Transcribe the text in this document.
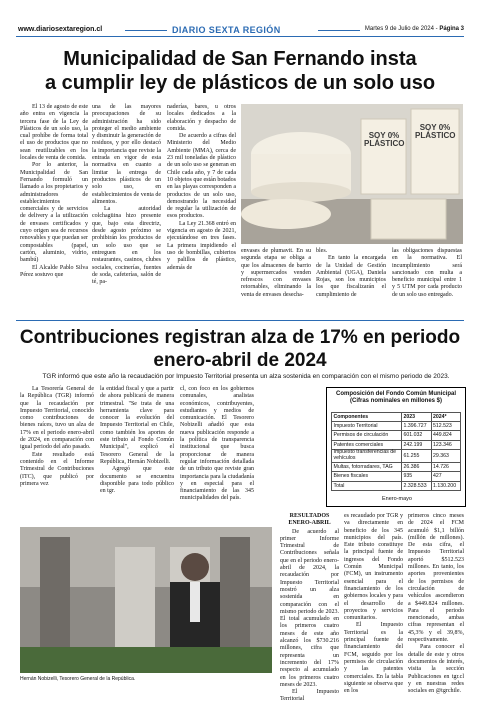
www.diariosextaregion.cl	DIARIO SEXTA REGIÓN	Martes 9 de Julio de 2024 - Página 3
Municipalidad de San Fernando insta
a cumplir ley de plásticos de un solo uso

El 13 de agosto de este año entra en vigencia la tercera fase de la Ley de Plásticos de un solo uso, la cual prohíbe de forma total el uso de productos que no sean reutilizables en los locales de venta de comida.

Por lo anterior, la Municipalidad de San Fernando formuló un llamado a los propietarios y administradores de establecimientos comerciales y de servicios de delivery a la utilización de envases certificados y cuyo origen sea de recursos renovables y que puedan ser compostables (papel, cartón, aluminio, vidrio, bambú)

El Alcalde Pablo Silva Pérez sostuvo que

una de las mayores preocupaciones de su administración ha sido proteger el medio ambiente y disminuir la generación de residuos, y por ello destacó la importancia que reviste la entrada en vigor de esta normativa en cuanto a limitar la entrega de productos plásticos de un solo uso, en establecimientos de venta de alimentos.

La autoridad colchagüina hizo presente que, bajo esta directriz, desde agosto próximo se prohibirán los productos de un solo uso que se entreguen en los restaurantes, casinos, clubes sociales, cocinerías, fuentes de soda, cafeterías, salón de té, pa-

naderías, bares, u otros locales dedicados a la elaboración y despacho de comida.

De acuerdo a cifras del Ministerio del Medio Ambiente (MMA), cerca de 23 mil toneladas de plástico de un solo uso se generan en Chile cada año, y 7 de cada 10 objetos que están botados en las playas corresponden a productos de un solo uso, demostrando la necesidad de regular la utilización de esos productos.

La Ley 21.368 entró en vigencia en agosto de 2021, ejecutándose en tres fases. La primera impidiendo el uso de bombillas, cubiertos y palillos de plástico, además de

SOY 0% PLÁSTICO
SOY 0% PLÁSTICO

envases de plumavit. En su segunda etapa se obliga a que los almacenes de barrio y supermercados venden refrescos con envases retornables, eliminando la venta de envases desecha-

bles.

En tanto la encargada de la Unidad de Gestión Ambiental (UGA), Daniela Rojas, son los municipios los que fiscalizarán el cumplimiento de

las obligaciones dispuestas en la normativa. El incumplimiento será sancionado con multa a beneficio municipal entre 1 y 5 UTM por cada producto de un solo uso entregado.

Contribuciones registran alza de 17% en periodo
enero-abril de 2024
TGR informó que este año la recaudación por Impuesto Territorial presenta un alza sostenida en comparación con el mismo periodo de 2023.

La Tesorería General de la República (TGR) informó que la recaudación por Impuesto Territorial, conocido como contribuciones de bienes raíces, tuvo un alza de 17% en el periodo enero-abril de 2024, en comparación con igual periodo del año pasado.

Este resultado está contenido en el Informe Trimestral de Contribuciones (ITC), que publicó por primera vez

la entidad fiscal y que a partir de ahora publicará de manera trimestral. "Se trata de una herramienta clave para conocer la evolución del Impuesto Territorial en Chile, como también los aportes de este tributo al Fondo Común Municipal", explicó el Tesorero General de la República, Hernán Nobizelli.

Agregó que este documento se encuentra disponible para todo público en tgr.

cl, con foco en los gobiernos comunales, analistas económicos, contribuyentes, estudiantes y medios de comunicación. El Tesorero Nobizelli añadió que esta nueva publicación responde a la política de transparencia institucional que busca proporcionar de manera regular información detallada de un tributo que reviste gran importancia para la ciudadanía y en especial para el financiamiento de las 345 municipalidades del país.

Composición del Fondo Común Municipal
(Cifras nominales en millones $)
Componentes	2023	2024*
Impuesto Territorial	1.396.727	512.523
Permisos de circulación	601.032	449.824
Patentes comerciales	242.199	123.346
Impuesto transferencias de vehículos	61.255	29.363
Multas, fotorradares, TAG	26.386	14.726
Bienes fiscales	935	427
Total	2.328.533	1.130.200
Enero-mayo
Hernán Nobizelli, Tesorero General de la República.
RESULTADOS ENERO-ABRIL

De acuerdo al primer Informe Trimestral de Contribuciones señala que en el periodo enero-abril de 2024, la recaudación por Impuesto Territorial mostró un alza sostenida en comparación con el mismo periodo de 2023. El total acumulado en los primeros cuatro meses de este año alcanzó los $730.216 millones, cifra que representa un incremento del 17% respecto al acumulado en los primeros cuatro meses de 2023.

El Impuesto Territorial

es recaudado por TGR y va directamente en beneficio de los 345 municipios del país. Este tributo constituye la principal fuente de ingresos del Fondo Común Municipal (FCM), un instrumento esencial para el financiamiento de los gobiernos locales y para el desarrollo de proyectos y servicios comunitarios.

El Impuesto Territorial es la principal fuente de financiamiento del FCM, seguido por los permisos de circulación y las patentes comerciales. En la tabla siguiente se observa que en los

primeros cinco meses de 2024 el FCM acumuló $1,1 billón (millón de millones). De esta cifra, el Impuesto Territorial aportó $512.523 millones. En tanto, los aportes provenientes de los permisos de circulación de vehículos ascendieron a $449.824 millones. Para el periodo mencionado, ambas cifras representan el 45,3% y el 39,8%, respectivamente.

Para conocer el detalle de este y otros documentos de interés, visita la sección Publicaciones en tgr.cl y en nuestras redes sociales en @tgrchile.
